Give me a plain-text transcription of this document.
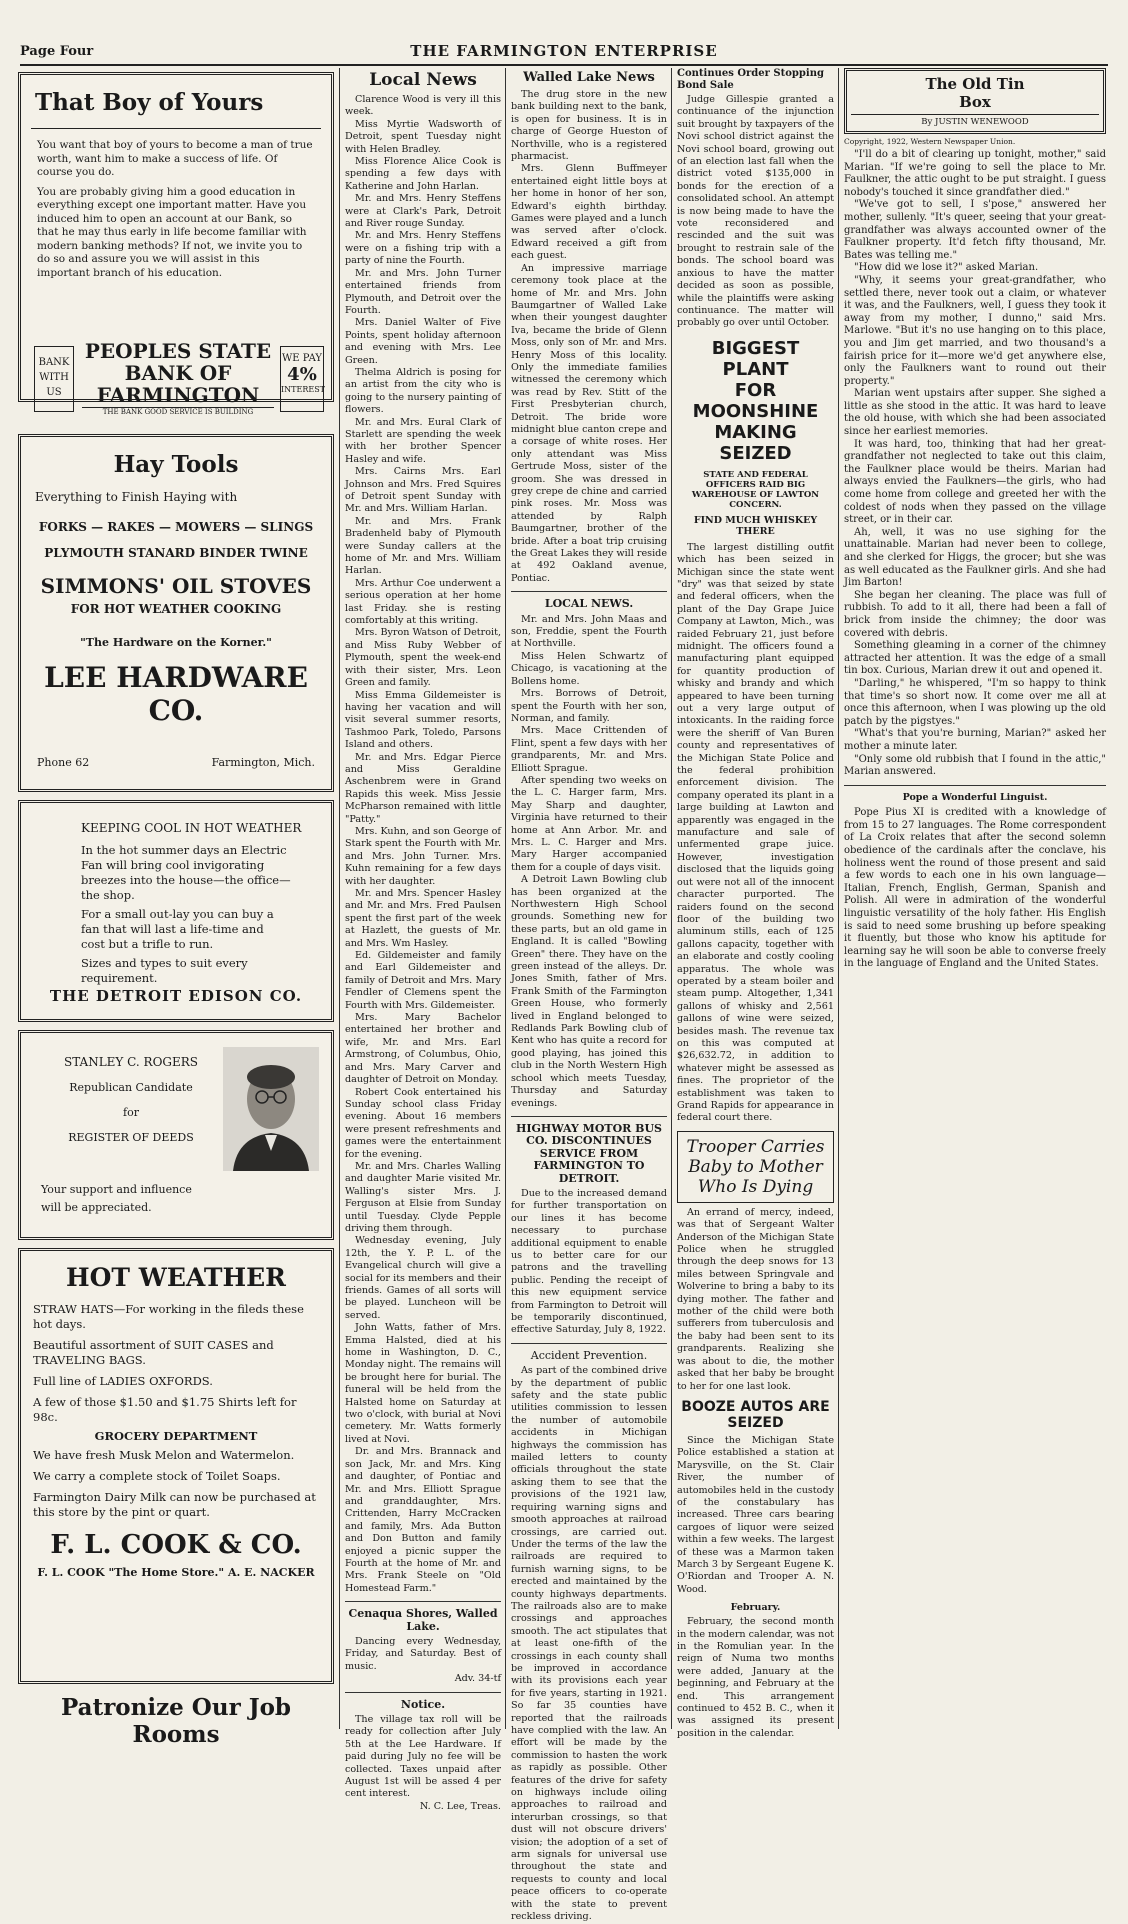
Page Four	THE FARMINGTON ENTERPRISE
That Boy of Yours

You want that boy of yours to become a man of true worth, want him to make a success of life. Of course you do.

You are probably giving him a good education in everything except one important matter. Have you induced him to open an account at our Bank, so that he may thus early in life become familiar with modern banking methods? If not, we invite you to do so and assure you we will assist in this important branch of his education.

BANK
WITH
US
PEOPLES STATE
BANK OF
FARMINGTON
THE BANK GOOD SERVICE IS BUILDING
WE PAY
4%
INTEREST
Hay Tools
Everything to Finish Haying with
FORKS — RAKES — MOWERS — SLINGS
PLYMOUTH STANARD BINDER TWINE
SIMMONS' OIL STOVES
FOR HOT WEATHER COOKING
"The Hardware on the Korner."
LEE HARDWARE CO.
Phone 62	Farmington, Mich.
KEEPING COOL IN HOT WEATHER

In the hot summer days an Electric Fan will bring cool invigorating breezes into the house—the office—the shop.

For a small out-lay you can buy a fan that will last a life-time and cost but a trifle to run.

Sizes and types to suit every requirement.

THE DETROIT EDISON CO.
STANLEY C. ROGERS
Republican Candidate
for
REGISTER OF DEEDS
Your support and influence
will be appreciated.
HOT WEATHER

STRAW HATS—For working in the fileds these hot days.

Beautiful assortment of SUIT CASES and TRAVELING BAGS.

Full line of LADIES OXFORDS.

A few of those $1.50 and $1.75 Shirts left for 98c.

GROCERY DEPARTMENT

We have fresh Musk Melon and Watermelon.

We carry a complete stock of Toilet Soaps.

Farmington Dairy Milk can now be purchased at this store by the pint or quart.

F. L. COOK & CO.
F. L. COOK "The Home Store." A. E. NACKER
Patronize Our Job Rooms
Local News

Clarence Wood is very ill this week.

Miss Myrtie Wadsworth of Detroit, spent Tuesday night with Helen Bradley.

Miss Florence Alice Cook is spending a few days with Katherine and John Harlan.

Mr. and Mrs. Henry Steffens were at Clark's Park, Detroit and River rouge Sunday.

Mr. and Mrs. Henry Steffens were on a fishing trip with a party of nine the Fourth.

Mr. and Mrs. John Turner entertained friends from Plymouth, and Detroit over the Fourth.

Mrs. Daniel Walter of Five Points, spent holiday afternoon and evening with Mrs. Lee Green.

Thelma Aldrich is posing for an artist from the city who is going to the nursery painting of flowers.

Mr. and Mrs. Eural Clark of Starlett are spending the week with her brother Spencer Hasley and wife.

Mrs. Cairns Mrs. Earl Johnson and Mrs. Fred Squires of Detroit spent Sunday with Mr. and Mrs. William Harlan.

Mr. and Mrs. Frank Bradenheld baby of Plymouth were Sunday callers at the home of Mr. and Mrs. William Harlan.

Mrs. Arthur Coe underwent a serious operation at her home last Friday. she is resting comfortably at this writing.

Mrs. Byron Watson of Detroit, and Miss Ruby Webber of Plymouth, spent the week-end with their sister, Mrs. Leon Green and family.

Miss Emma Gildemeister is having her vacation and will visit several summer resorts, Tashmoo Park, Toledo, Parsons Island and others.

Mr. and Mrs. Edgar Pierce and Miss Geraldine Aschenbrem were in Grand Rapids this week. Miss Jessie McPharson remained with little "Patty."

Mrs. Kuhn, and son George of Stark spent the Fourth with Mr. and Mrs. John Turner. Mrs. Kuhn remaining for a few days with her daughter.

Mr. and Mrs. Spencer Hasley and Mr. and Mrs. Fred Paulsen spent the first part of the week at Hazlett, the guests of Mr. and Mrs. Wm Hasley.

Ed. Gildemeister and family and Earl Gildemeister and family of Detroit and Mrs. Mary Fendler of Clemens spent the Fourth with Mrs. Gildemeister.

Mrs. Mary Bachelor entertained her brother and wife, Mr. and Mrs. Earl Armstrong, of Columbus, Ohio, and Mrs. Mary Carver and daughter of Detroit on Monday.

Robert Cook entertained his Sunday school class Friday evening. About 16 members were present refreshments and games were the entertainment for the evening.

Mr. and Mrs. Charles Walling and daughter Marie visited Mr. Walling's sister Mrs. J. Ferguson at Elsie from Sunday until Tuesday. Clyde Pepple driving them through.

Wednesday evening, July 12th, the Y. P. L. of the Evangelical church will give a social for its members and their friends. Games of all sorts will be played. Luncheon will be served.

John Watts, father of Mrs. Emma Halsted, died at his home in Washington, D. C., Monday night. The remains will be brought here for burial. The funeral will be held from the Halsted home on Saturday at two o'clock, with burial at Novi cemetery. Mr. Watts formerly lived at Novi.

Dr. and Mrs. Brannack and son Jack, Mr. and Mrs. King and daughter, of Pontiac and Mr. and Mrs. Elliott Sprague and granddaughter, Mrs. Crittenden, Harry McCracken and family, Mrs. Ada Button and Don Button and family enjoyed a picnic supper the Fourth at the home of Mr. and Mrs. Frank Steele on "Old Homestead Farm."

Cenaqua Shores, Walled Lake.

Dancing every Wednesday, Friday, and Saturday. Best of music.

Adv. 34-tf
Notice.

The village tax roll will be ready for collection after July 5th at the Lee Hardware. If paid during July no fee will be collected. Taxes unpaid after August 1st will be assed 4 per cent interest.

N. C. Lee, Treas.
Walled Lake News

The drug store in the new bank building next to the bank, is open for business. It is in charge of George Hueston of Northville, who is a registered pharmacist.

Mrs. Glenn Buffmeyer entertained eight little boys at her home in honor of her son, Edward's eighth birthday. Games were played and a lunch was served after o'clock. Edward received a gift from each guest.

An impressive marriage ceremony took place at the home of Mr. and Mrs. John Baumgartner of Walled Lake when their youngest daughter Iva, became the bride of Glenn Moss, only son of Mr. and Mrs. Henry Moss of this locality. Only the immediate families witnessed the ceremony which was read by Rev. Stitt of the First Presbyterian church, Detroit. The bride wore midnight blue canton crepe and a corsage of white roses. Her only attendant was Miss Gertrude Moss, sister of the groom. She was dressed in grey crepe de chine and carried pink roses. Mr. Moss was attended by Ralph Baumgartner, brother of the bride. After a boat trip cruising the Great Lakes they will reside at 492 Oakland avenue, Pontiac.

LOCAL NEWS.

Mr. and Mrs. John Maas and son, Freddie, spent the Fourth at Northville.

Miss Helen Schwartz of Chicago, is vacationing at the Bollens home.

Mrs. Borrows of Detroit, spent the Fourth with her son, Norman, and family.

Mrs. Mace Crittenden of Flint, spent a few days with her grandparents, Mr. and Mrs. Elliott Sprague.

After spending two weeks on the L. C. Harger farm, Mrs. May Sharp and daughter, Virginia have returned to their home at Ann Arbor. Mr. and Mrs. L. C. Harger and Mrs. Mary Harger accompanied them for a couple of days visit.

A Detroit Lawn Bowling club has been organized at the Northwestern High School grounds. Something new for these parts, but an old game in England. It is called "Bowling Green" there. They have on the green instead of the alleys. Dr. Jones Smith, father of Mrs. Frank Smith of the Farmington Green House, who formerly lived in England belonged to Redlands Park Bowling club of Kent who has quite a record for good playing, has joined this club in the North Western High school which meets Tuesday, Thursday and Saturday evenings.

HIGHWAY MOTOR BUS CO. DISCONTINUES SERVICE FROM FARMINGTON TO DETROIT.

Due to the increased demand for further transportation on our lines it has become necessary to purchase additional equipment to enable us to better care for our patrons and the travelling public. Pending the receipt of this new equipment service from Farmington to Detroit will be temporarily discontinued, effective Saturday, July 8, 1922.

Accident Prevention.

As part of the combined drive by the department of public safety and the state public utilities commission to lessen the number of automobile accidents in Michigan highways the commission has mailed letters to county officials throughout the state asking them to see that the provisions of the 1921 law, requiring warning signs and smooth approaches at railroad crossings, are carried out. Under the terms of the law the railroads are required to furnish warning signs, to be erected and maintained by the county highways departments. The railroads also are to make crossings and approaches smooth. The act stipulates that at least one-fifth of the crossings in each county shall be improved in accordance with its provisions each year for five years, starting in 1921. So far 35 counties have reported that the railroads have complied with the law. An effort will be made by the commission to hasten the work as rapidly as possible. Other features of the drive for safety on highways include oiling approaches to railroad and interurban crossings, so that dust will not obscure drivers' vision; the adoption of a set of arm signals for universal use throughout the state and requests to county and local peace officers to co-operate with the state to prevent reckless driving.

Continues Order Stopping Bond Sale

Judge Gillespie granted a continuance of the injunction suit brought by taxpayers of the Novi school district against the Novi school board, growing out of an election last fall when the district voted $135,000 in bonds for the erection of a consolidated school. An attempt is now being made to have the vote reconsidered and rescinded and the suit was brought to restrain sale of the bonds. The school board was anxious to have the matter decided as soon as possible, while the plaintiffs were asking continuance. The matter will probably go over until October.

BIGGEST PLANT
FOR MOONSHINE
MAKING SEIZED
STATE AND FEDERAL OFFICERS RAID BIG WAREHOUSE OF LAWTON CONCERN.
FIND MUCH WHISKEY THERE

The largest distilling outfit which has been seized in Michigan since the state went "dry" was that seized by state and federal officers, when the plant of the Day Grape Juice Company at Lawton, Mich., was raided February 21, just before midnight. The officers found a manufacturing plant equipped for quantity production of whisky and brandy and which appeared to have been turning out a very large output of intoxicants. In the raiding force were the sheriff of Van Buren county and representatives of the Michigan State Police and the federal prohibition enforcement division. The company operated its plant in a large building at Lawton and apparently was engaged in the manufacture and sale of unfermented grape juice. However, investigation disclosed that the liquids going out were not all of the innocent character purported. The raiders found on the second floor of the building two aluminum stills, each of 125 gallons capacity, together with an elaborate and costly cooling apparatus. The whole was operated by a steam boiler and steam pump. Altogether, 1,341 gallons of whisky and 2,561 gallons of wine were seized, besides mash. The revenue tax on this was computed at $26,632.72, in addition to whatever might be assessed as fines. The proprietor of the establishment was taken to Grand Rapids for appearance in federal court there.

Trooper Carries Baby to Mother Who Is Dying

An errand of mercy, indeed, was that of Sergeant Walter Anderson of the Michigan State Police when he struggled through the deep snows for 13 miles between Springvale and Wolverine to bring a baby to its dying mother. The father and mother of the child were both sufferers from tuberculosis and the baby had been sent to its grandparents. Realizing she was about to die, the mother asked that her baby be brought to her for one last look.

BOOZE AUTOS ARE SEIZED

Since the Michigan State Police established a station at Marysville, on the St. Clair River, the number of automobiles held in the custody of the constabulary has increased. Three cars bearing cargoes of liquor were seized within a few weeks. The largest of these was a Marmon taken March 3 by Sergeant Eugene K. O'Riordan and Trooper A. N. Wood.

February.

February, the second month in the modern calendar, was not in the Romulian year. In the reign of Numa two months were added, January at the beginning, and February at the end. This arrangement continued to 452 B. C., when it was assigned its present position in the calendar.

The Old Tin
Box
By JUSTIN WENEWOOD
Copyright, 1922, Western Newspaper Union.

"I'll do a bit of clearing up tonight, mother," said Marian. "If we're going to sell the place to Mr. Faulkner, the attic ought to be put straight. I guess nobody's touched it since grandfather died."

"We've got to sell, I s'pose," answered her mother, sullenly. "It's queer, seeing that your great-grandfather was always accounted owner of the Faulkner property. It'd fetch fifty thousand, Mr. Bates was telling me."

"How did we lose it?" asked Marian.

"Why, it seems your great-grandfather, who settled there, never took out a claim, or whatever it was, and the Faulkners, well, I guess they took it away from my mother, I dunno," said Mrs. Marlowe. "But it's no use hanging on to this place, you and Jim get married, and two thousand's a fairish price for it—more we'd get anywhere else, only the Faulkners want to round out their property."

Marian went upstairs after supper. She sighed a little as she stood in the attic. It was hard to leave the old house, with which she had been associated since her earliest memories.

It was hard, too, thinking that had her great-grandfather not neglected to take out this claim, the Faulkner place would be theirs. Marian had always envied the Faulkners—the girls, who had come home from college and greeted her with the coldest of nods when they passed on the village street, or in their car.

Ah, well, it was no use sighing for the unattainable. Marian had never been to college, and she clerked for Higgs, the grocer; but she was as well educated as the Faulkner girls. And she had Jim Barton!

She began her cleaning. The place was full of rubbish. To add to it all, there had been a fall of brick from inside the chimney; the door was covered with debris.

Something gleaming in a corner of the chimney attracted her attention. It was the edge of a small tin box. Curious, Marian drew it out and opened it.

"Darling," he whispered, "I'm so happy to think that time's so short now. It come over me all at once this afternoon, when I was plowing up the old patch by the pigstyes."

"What's that you're burning, Marian?" asked her mother a minute later.

"Only some old rubbish that I found in the attic," Marian answered.

Pope a Wonderful Linguist.

Pope Pius XI is credited with a knowledge of from 15 to 27 languages. The Rome correspondent of La Croix relates that after the second solemn obedience of the cardinals after the conclave, his holiness went the round of those present and said a few words to each one in his own language—Italian, French, English, German, Spanish and Polish. All were in admiration of the wonderful linguistic versatility of the holy father. His English is said to need some brushing up before speaking it fluently, but those who know his aptitude for learning say he will soon be able to converse freely in the language of England and the United States.
